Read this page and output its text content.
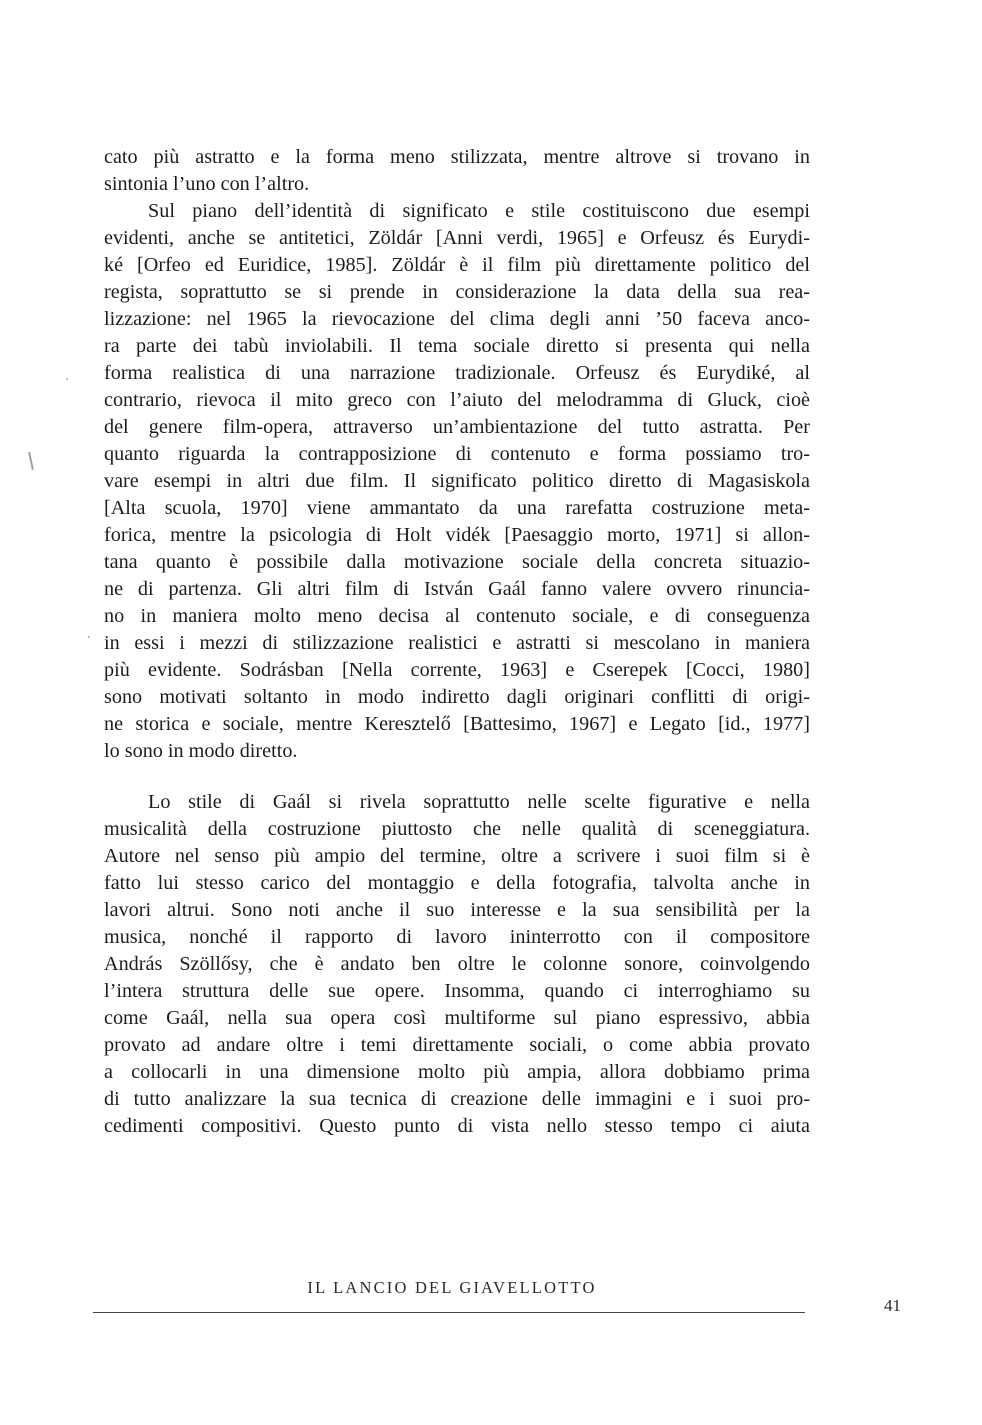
cato più astratto e la forma meno stilizzata, mentre altrove si trovano in
sintonia l’uno con l’altro.
Sul piano dell’identità di significato e stile costituiscono due esempi
evidenti, anche se antitetici, Zöldár [Anni verdi, 1965] e Orfeusz és Eurydi-
ké [Orfeo ed Euridice, 1985]. Zöldár è il film più direttamente politico del
regista, soprattutto se si prende in considerazione la data della sua rea-
lizzazione: nel 1965 la rievocazione del clima degli anni ’50 faceva anco-
ra parte dei tabù inviolabili. Il tema sociale diretto si presenta qui nella
forma realistica di una narrazione tradizionale. Orfeusz és Eurydiké, al
contrario, rievoca il mito greco con l’aiuto del melodramma di Gluck, cioè
del genere film-opera, attraverso un’ambientazione del tutto astratta. Per
quanto riguarda la contrapposizione di contenuto e forma possiamo tro-
vare esempi in altri due film. Il significato politico diretto di Magasiskola
[Alta scuola, 1970] viene ammantato da una rarefatta costruzione meta-
forica, mentre la psicologia di Holt vidék [Paesaggio morto, 1971] si allon-
tana quanto è possibile dalla motivazione sociale della concreta situazio-
ne di partenza. Gli altri film di István Gaál fanno valere ovvero rinuncia-
no in maniera molto meno decisa al contenuto sociale, e di conseguenza
in essi i mezzi di stilizzazione realistici e astratti si mescolano in maniera
più evidente. Sodrásban [Nella corrente, 1963] e Cserepek [Cocci, 1980]
sono motivati soltanto in modo indiretto dagli originari conflitti di origi-
ne storica e sociale, mentre Keresztelő [Battesimo, 1967] e Legato [id., 1977]
lo sono in modo diretto.
Lo stile di Gaál si rivela soprattutto nelle scelte figurative e nella
musicalità della costruzione piuttosto che nelle qualità di sceneggiatura.
Autore nel senso più ampio del termine, oltre a scrivere i suoi film si è
fatto lui stesso carico del montaggio e della fotografia, talvolta anche in
lavori altrui. Sono noti anche il suo interesse e la sua sensibilità per la
musica, nonché il rapporto di lavoro ininterrotto con il compositore
András Szöllősy, che è andato ben oltre le colonne sonore, coinvolgendo
l’intera struttura delle sue opere. Insomma, quando ci interroghiamo su
come Gaál, nella sua opera così multiforme sul piano espressivo, abbia
provato ad andare oltre i temi direttamente sociali, o come abbia provato
a collocarli in una dimensione molto più ampia, allora dobbiamo prima
di tutto analizzare la sua tecnica di creazione delle immagini e i suoi pro-
cedimenti compositivi. Questo punto di vista nello stesso tempo ci aiuta
IL LANCIO DEL GIAVELLOTTO
41
